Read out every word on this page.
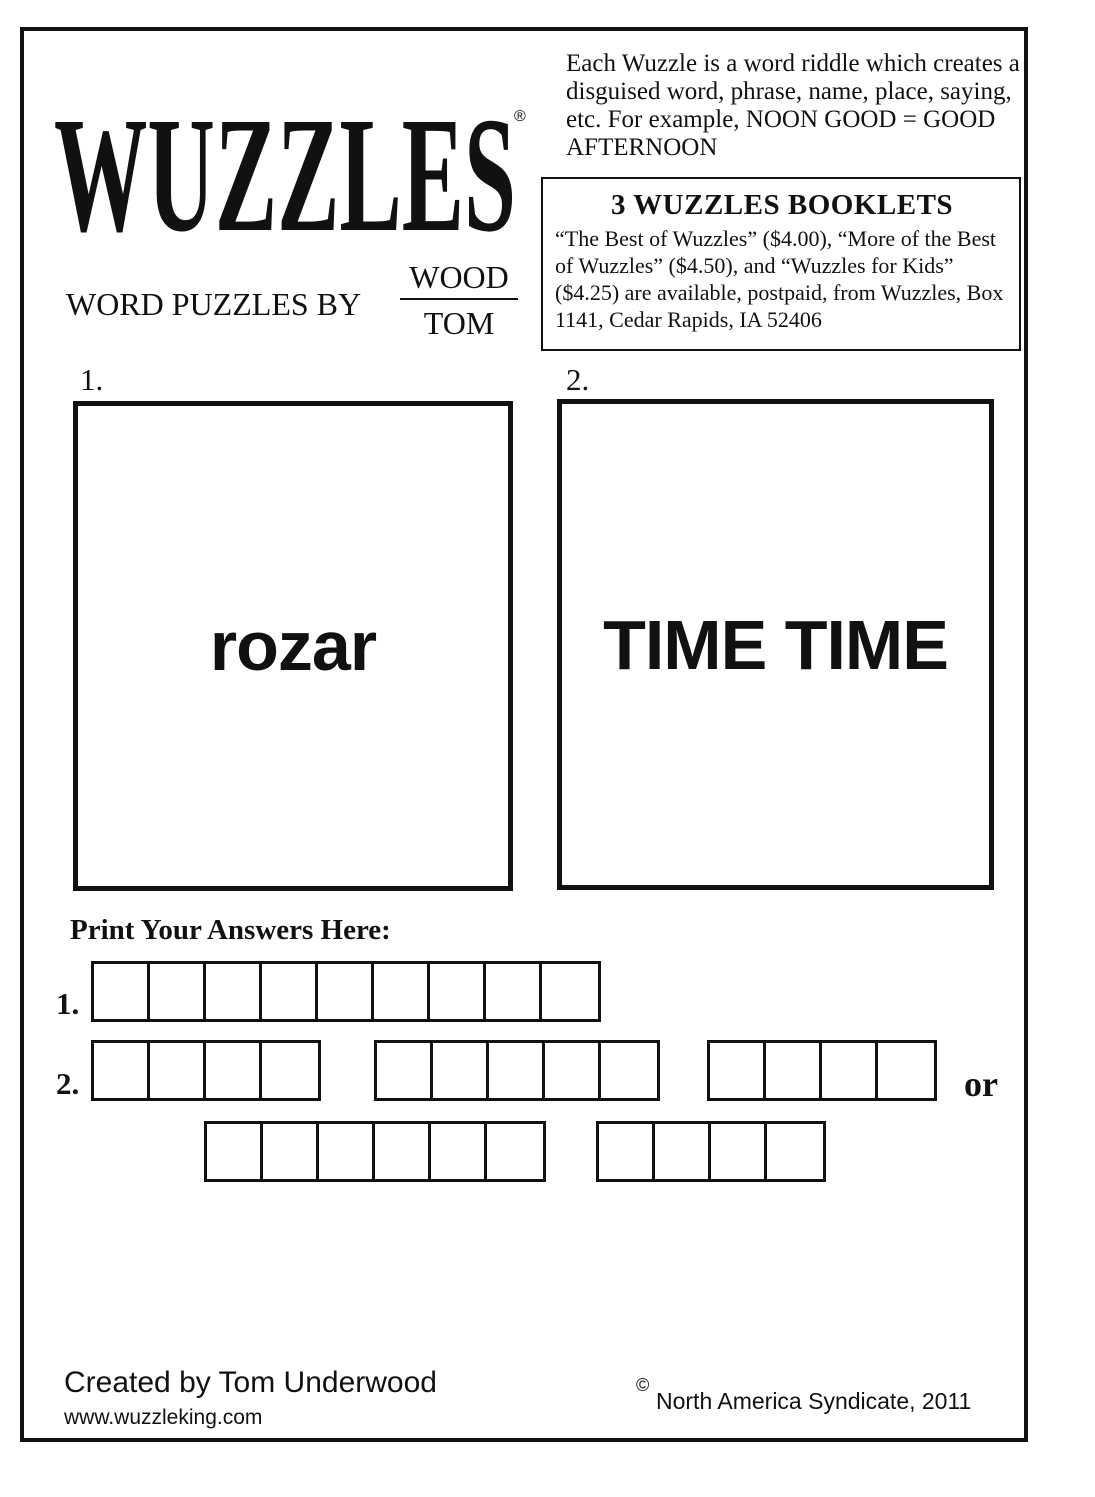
WUZZLES
®
WORD PUZZLES BY
WOOD
TOM
Each Wuzzle is a word riddle which creates a disguised word, phrase, name, place, saying, etc. For example, NOON GOOD = GOOD AFTERNOON
3 WUZZLES BOOKLETS
“The Best of Wuzzles” ($4.00), “More of the Best of Wuzzles” ($4.50), and “Wuzzles for Kids” ($4.25) are available, postpaid, from Wuzzles, Box 1141, Cedar Rapids, IA 52406
1.
rozar
2.
TIME TIME
Print Your Answers Here:
1.
2.	or
Created by Tom Underwood
www.wuzzleking.com
©
North America Syndicate, 2011
